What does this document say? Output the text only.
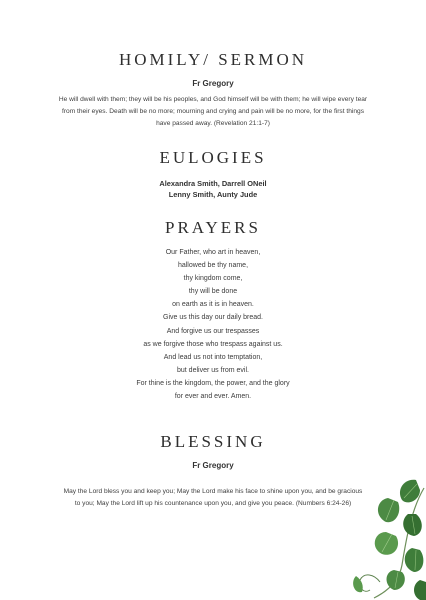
HOMILY/ SERMON

Fr Gregory

He will dwell with them; they will be his peoples, and God himself will be with them; he will wipe every tear from their eyes. Death will be no more; mourning and crying and pain will be no more, for the first things have passed away. (Revelation 21:1-7)

EULOGIES
Alexandra Smith, Darrell ONeil
Lenny Smith, Aunty Jude
PRAYERS
Our Father, who art in heaven,
hallowed be thy name,
thy kingdom come,
thy will be done
on earth as it is in heaven.
Give us this day our daily bread.
And forgive us our trespasses
as we forgive those who trespass against us.
And lead us not into temptation,
but deliver us from evil.
For thine is the kingdom, the power, and the glory
for ever and ever. Amen.
BLESSING

Fr Gregory

May the Lord bless you and keep you; May the Lord make his face to shine upon you, and be gracious to you; May the Lord lift up his countenance upon you, and give you peace. (Numbers 6:24-26)
